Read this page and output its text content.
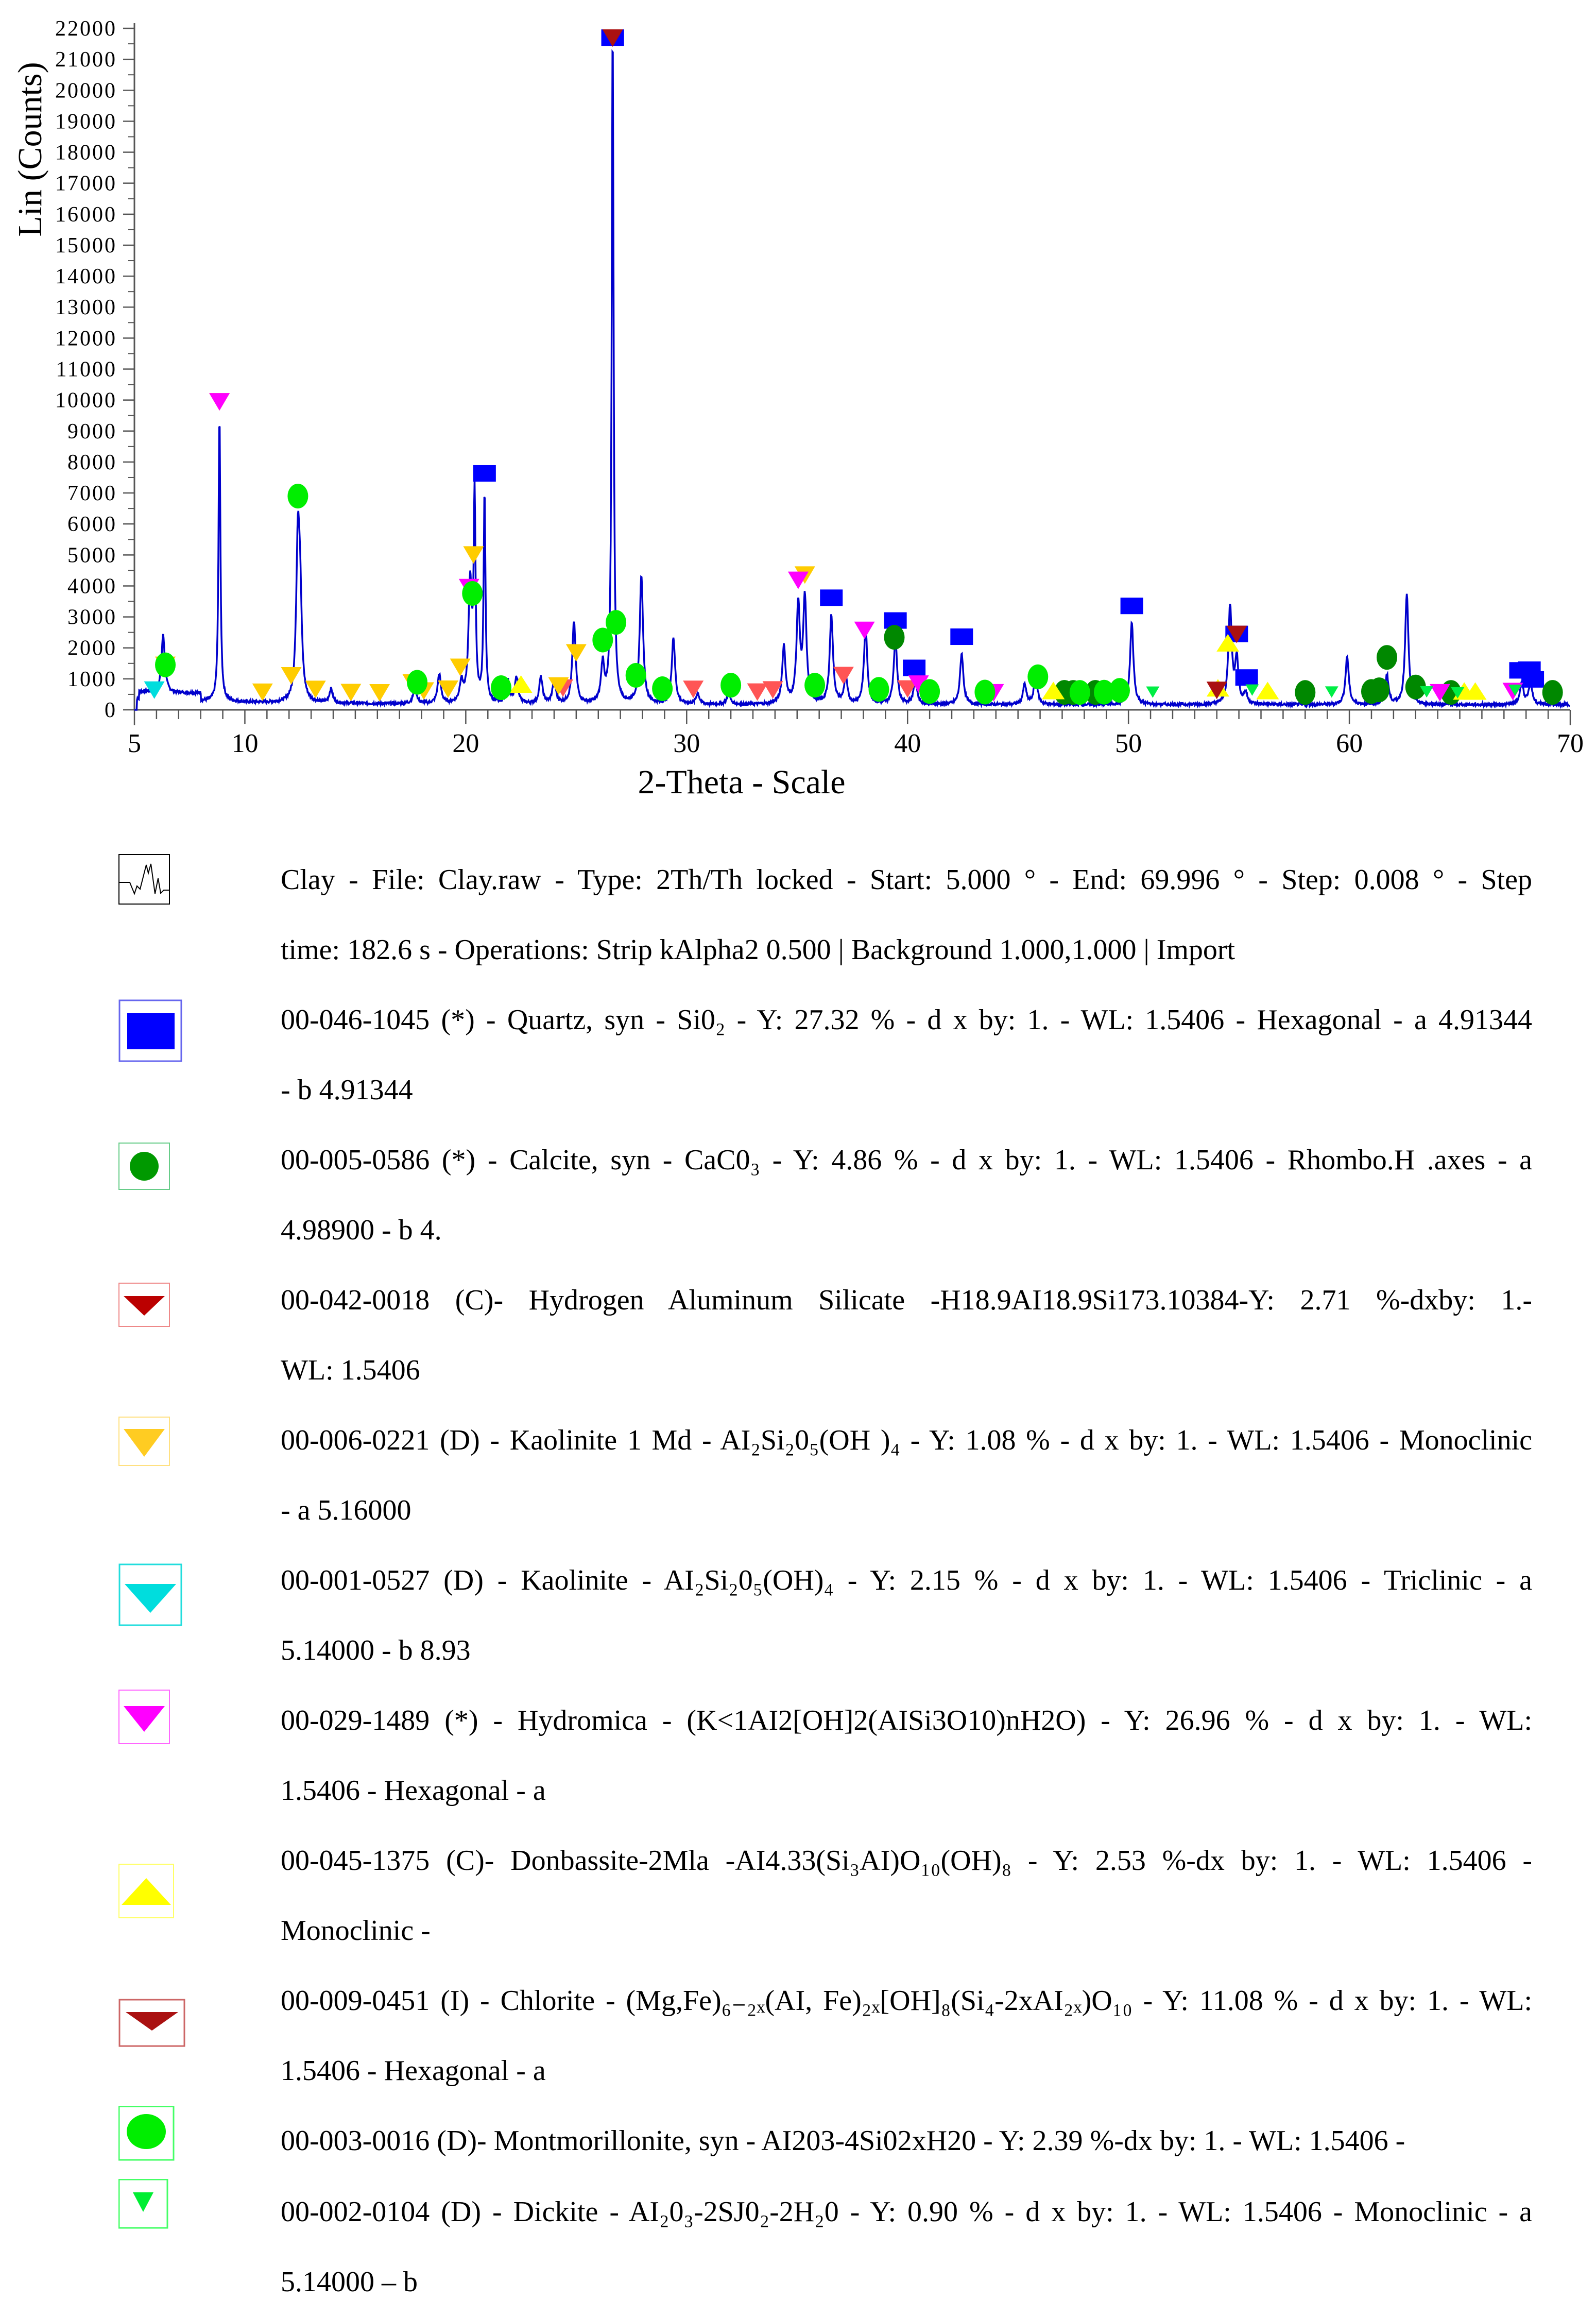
0
1000
2000
3000
4000
5000
6000
7000
8000
9000
10000
11000
12000
13000
14000
15000
16000
17000
18000
19000
20000
21000
22000
5	10	20	30	40	50	60	70
Lin (Counts)
2-Theta - Scale
Clay - File: Clay.raw - Type: 2Th/Th locked - Start: 5.000 ° - End: 69.996 ° - Step: 0.008 ° - Step
time: 182.6 s - Operations: Strip kAlpha2 0.500 | Background 1.000,1.000 | Import
00-046-1045 (*) - Quartz, syn - Si0₂ - Y: 27.32 % - d x by: 1. - WL: 1.5406 - Hexagonal - a 4.91344
- b 4.91344
00-005-0586 (*) - Calcite, syn - CaC0₃ - Y: 4.86 % - d x by: 1. - WL: 1.5406 - Rhombo.H .axes - a
4.98900 - b 4.
00-042-0018 (C)- Hydrogen Aluminum Silicate -H18.9AI18.9Si173.10384-Y: 2.71 %-dxby: 1.-
WL: 1.5406
00-006-0221 (D) - Kaolinite 1 Md - AI₂Si₂0₅(OH )₄ - Y: 1.08 % - d x by: 1. - WL: 1.5406 - Monoclinic
- a 5.16000
00-001-0527 (D) - Kaolinite - AI₂Si₂0₅(OH)₄ - Y: 2.15 % - d x by: 1. - WL: 1.5406 - Triclinic - a
5.14000 - b 8.93
00-029-1489 (*) - Hydromica - (K<1AI2[OH]2(AISi3O10)nH2O) - Y: 26.96 % - d x by: 1. - WL:
1.5406 - Hexagonal - a
00-045-1375 (C)- Donbassite-2Mla -AI4.33(Si₃AI)O₁₀(OH)₈ - Y: 2.53 %-dx by: 1. - WL: 1.5406 -
Monoclinic -
00-009-0451 (I) - Chlorite - (Mg,Fe)₆₋₂ₓ(AI, Fe)₂ₓ[OH]₈(Si₄-2xAI₂ₓ)O₁₀ - Y: 11.08 % - d x by: 1. - WL:
1.5406 - Hexagonal - a
00-003-0016 (D)- Montmorillonite, syn - AI203-4Si02xH20 - Y: 2.39 %-dx by: 1. - WL: 1.5406 -
00-002-0104 (D) - Dickite - AI₂0₃-2SJ0₂-2H₂0 - Y: 0.90 % - d x by: 1. - WL: 1.5406 - Monoclinic - a
5.14000 – b
